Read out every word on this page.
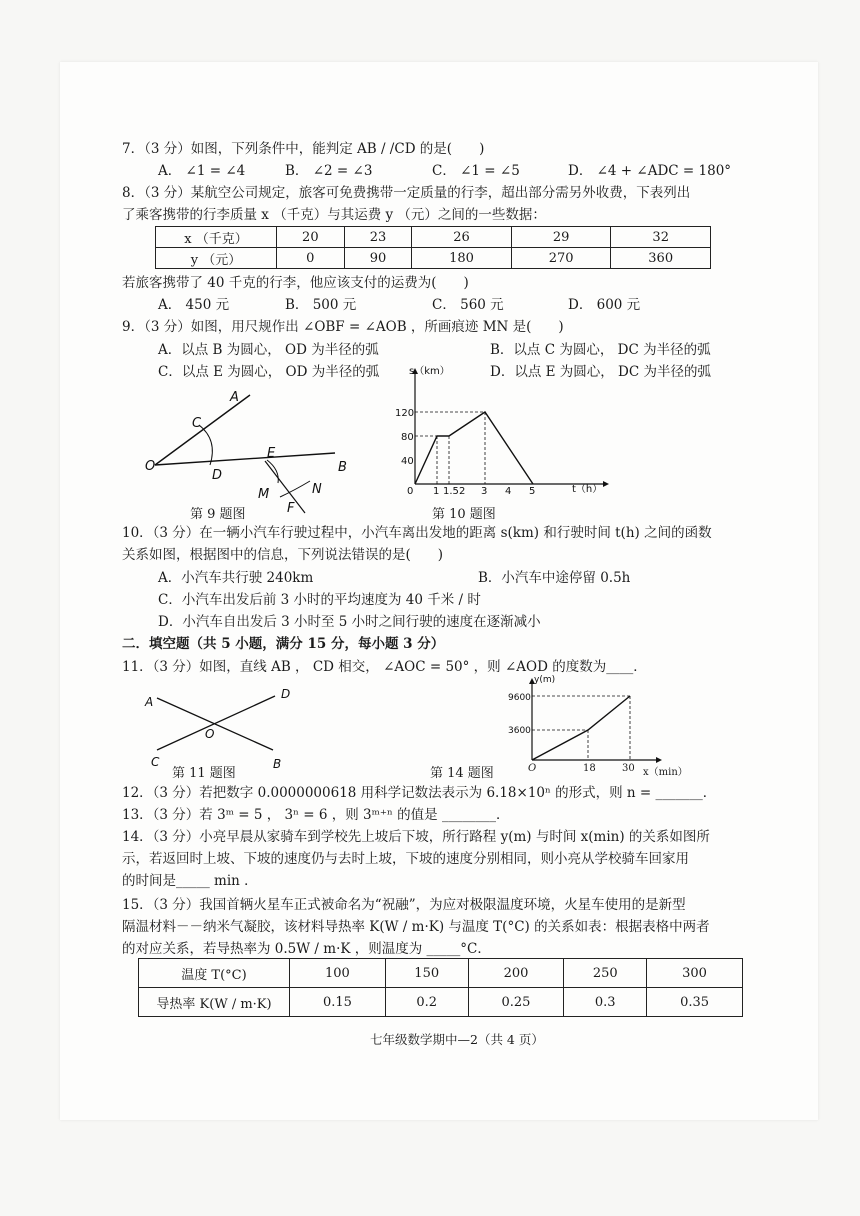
7．（3 分）如图，下列条件中，能判定 AB / /CD 的是(　　)
A． ∠1 = ∠4	B． ∠2 = ∠3	C． ∠1 = ∠5	D． ∠4 + ∠ADC = 180°
8．（3 分）某航空公司规定，旅客可免费携带一定质量的行李，超出部分需另外收费，下表列出
了乘客携带的行李质量 x （千克）与其运费 y （元）之间的一些数据：
x （千克）	20	23	26	29	32
y （元）	0	90	180	270	360
若旅客携带了 40 千克的行李，他应该支付的运费为(　　)
A． 450 元	B． 500 元	C． 560 元	D． 600 元
9．（3 分）如图，用尺规作出 ∠OBF = ∠AOB ，所画痕迹 MN 是(　　)
A．以点 B 为圆心， OD 为半径的弧	B．以点 C 为圆心， DC 为半径的弧
C．以点 E 为圆心， OD 为半径的弧	D．以点 E 为圆心， DC 为半径的弧
A
C
O
D
E
B
M	N
F
第 9 题图
s（km）
t（h）
0
120
80
40
1 1.5 2 3 4 5
第 10 题图
10．（3 分）在一辆小汽车行驶过程中，小汽车离出发地的距离 s(km) 和行驶时间 t(h) 之间的函数
关系如图，根据图中的信息，下列说法错误的是(　　)
A．小汽车共行驶 240km	B．小汽车中途停留 0.5h
C．小汽车出发后前 3 小时的平均速度为 40 千米 / 时
D．小汽车自出发后 3 小时至 5 小时之间行驶的速度在逐渐减小
二．填空题（共 5 小题，满分 15 分，每小题 3 分）
11．（3 分）如图，直线 AB ， CD 相交， ∠AOC = 50° ，则 ∠AOD 的度数为____．
A
D
O
C	B
第 11 题图
y(m)
9600
3600
第 14 题图	O	18	30 x（min）
12．（3 分）若把数字 0.0000000618 用科学记数法表示为 6.18×10ⁿ 的形式，则 n = _______．
13．（3 分）若 3ᵐ = 5 ， 3ⁿ = 6 ，则 3ᵐ⁺ⁿ 的值是 ________．
14．（3 分）小亮早晨从家骑车到学校先上坡后下坡，所行路程 y(m) 与时间 x(min) 的关系如图所
示，若返回时上坡、下坡的速度仍与去时上坡，下坡的速度分别相同，则小亮从学校骑车回家用
的时间是_____ min ．
15．（3 分）我国首辆火星车正式被命名为“祝融”，为应对极限温度环境，火星车使用的是新型
隔温材料－－纳米气凝胶，该材料导热率 K(W / m·K) 与温度 T(°C) 的关系如表：根据表格中两者
的对应关系，若导热率为 0.5W / m·K ，则温度为 _____°C．
温度 T(°C)	100	150	200	250	300
导热率 K(W / m·K)	0.15	0.2	0.25	0.3	0.35
七年级数学期中—2（共 4 页）
